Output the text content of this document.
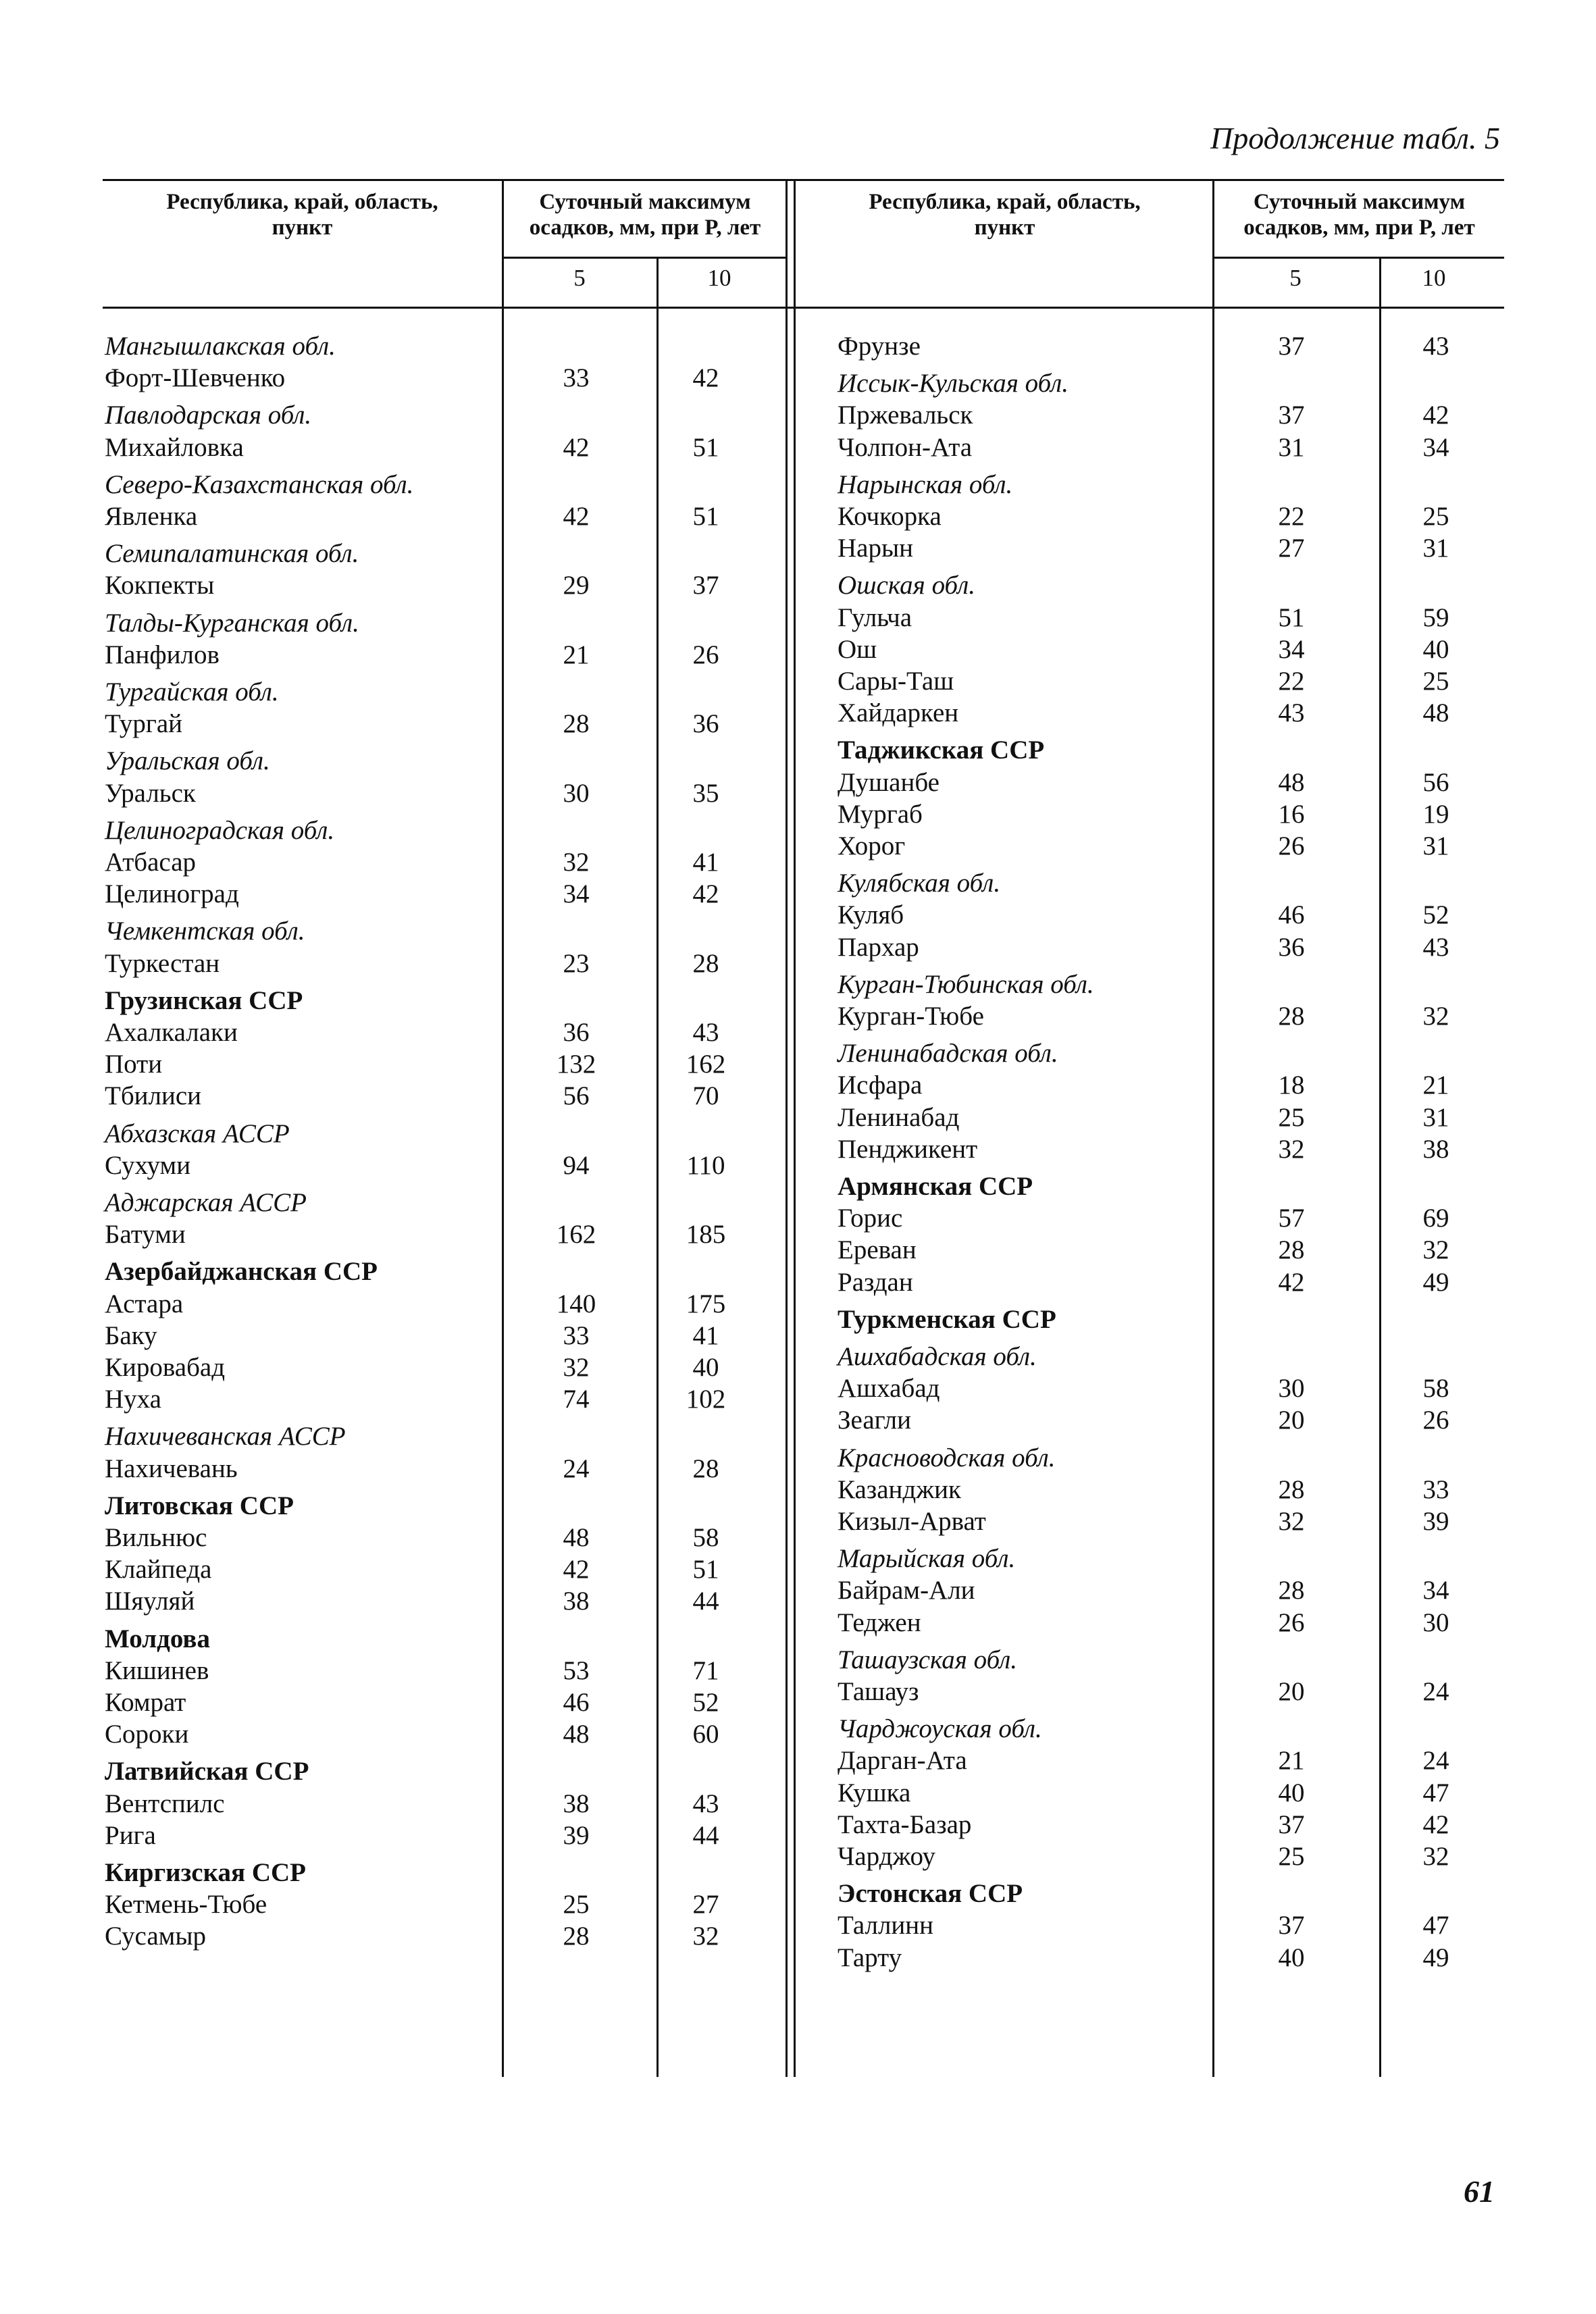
Продолжение табл. 5
Республика, край, область,
пункт
Суточный максимум
осадков, мм, при P, лет
5	10
Республика, край, область,
пункт
Суточный максимум
осадков, мм, при P, лет
5	10
Мангышлакская обл.
Форт-Шевченко	33	42
Павлодарская обл.
Михайловка	42	51
Северо-Казахстанская обл.
Явленка	42	51
Семипалатинская обл.
Кокпекты	29	37
Талды-Курганская обл.
Панфилов	21	26
Тургайская обл.
Тургай	28	36
Уральская обл.
Уральск	30	35
Целиноградская обл.
Атбасар	32	41
Целиноград	34	42
Чемкентская обл.
Туркестан	23	28
Грузинская ССР
Ахалкалаки	36	43
Поти	132	162
Тбилиси	56	70
Абхазская АССР
Сухуми	94	110
Аджарская АССР
Батуми	162	185
Азербайджанская ССР
Астара	140	175
Баку	33	41
Кировабад	32	40
Нуха	74	102
Нахичеванская АССР
Нахичевань	24	28
Литовская ССР
Вильнюс	48	58
Клайпеда	42	51
Шяуляй	38	44
Молдова
Кишинев	53	71
Комрат	46	52
Сороки	48	60
Латвийская ССР
Вентспилс	38	43
Рига	39	44
Киргизская ССР
Кетмень-Тюбе	25	27
Сусамыр	28	32
Фрунзе	37	43
Иссык-Кульская обл.
Пржевальск	37	42
Чолпон-Ата	31	34
Нарынская обл.
Кочкорка	22	25
Нарын	27	31
Ошская обл.
Гульча	51	59
Ош	34	40
Сары-Таш	22	25
Хайдаркен	43	48
Таджикская ССР
Душанбе	48	56
Мургаб	16	19
Хорог	26	31
Кулябская обл.
Куляб	46	52
Пархар	36	43
Курган-Тюбинская обл.
Курган-Тюбе	28	32
Ленинабадская обл.
Исфара	18	21
Ленинабад	25	31
Пенджикент	32	38
Армянская ССР
Горис	57	69
Ереван	28	32
Раздан	42	49
Туркменская ССР
Ашхабадская обл.
Ашхабад	30	58
Зеагли	20	26
Красноводская обл.
Казанджик	28	33
Кизыл-Арват	32	39
Марыйская обл.
Байрам-Али	28	34
Теджен	26	30
Ташаузская обл.
Ташауз	20	24
Чарджоуская обл.
Дарган-Ата	21	24
Кушка	40	47
Тахта-Базар	37	42
Чарджоу	25	32
Эстонская ССР
Таллинн	37	47
Тарту	40	49
61
